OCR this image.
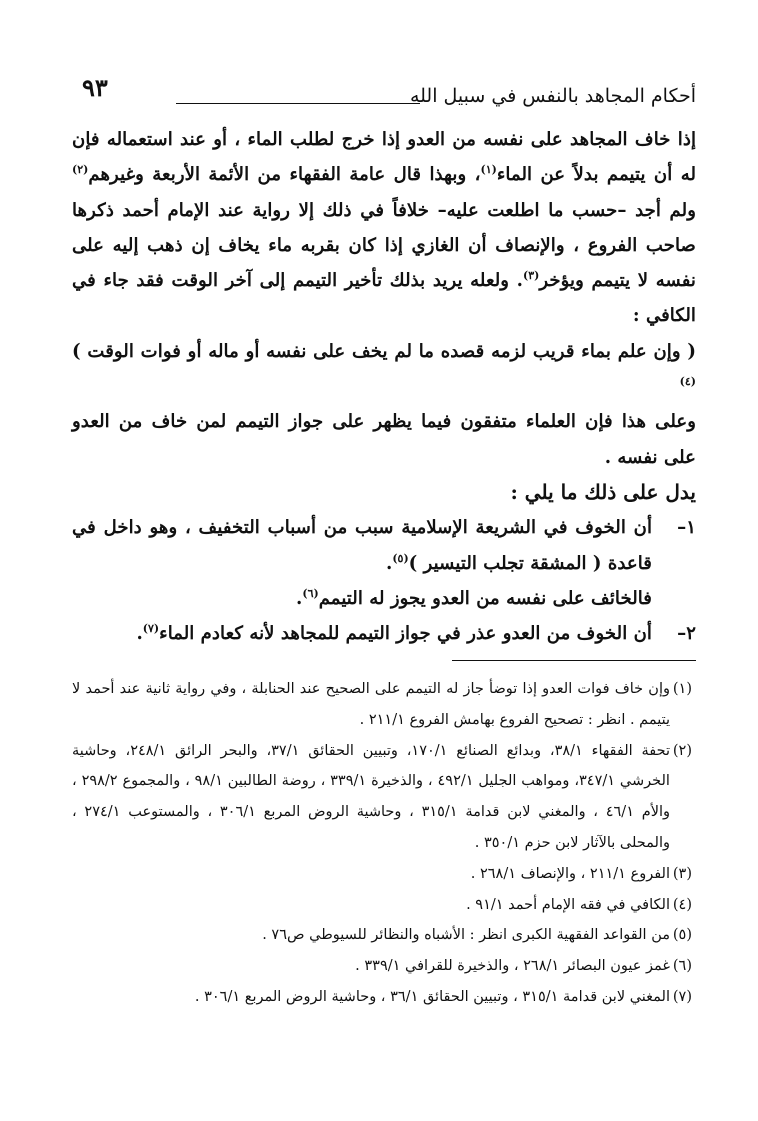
أحكام المجاهد بالنفس في سبيل الله
٩٣

إذا خاف المجاهد على نفسه من العدو إذا خرج لطلب الماء ، أو عند استعماله فإن له أن يتيمم بدلاً عن الماء$^{(١)}$، وبهذا قال عامة الفقهاء من الأئمة الأربعة وغيرهم$^{(٢)}$ ولم أجد –حسب ما اطلعت عليه– خلافاً في ذلك إلا رواية عند الإمام أحمد ذكرها صاحب الفروع ، والإنصاف أن الغازي إذا كان بقربه ماء يخاف إن ذهب إليه على نفسه لا يتيمم ويؤخر$^{(٣)}$. ولعله يريد بذلك تأخير التيمم إلى آخر الوقت فقد جاء في الكافي :

( وإن علم بماء قريب لزمه قصده ما لم يخف على نفسه أو ماله أو فوات الوقت )$^{(٤)}$

وعلى هذا فإن العلماء متفقون فيما يظهر على جواز التيمم لمن خاف من العدو على نفسه .

يدل على ذلك ما يلي :

١–
أن الخوف في الشريعة الإسلامية سبب من أسباب التخفيف ، وهو داخل في قاعدة ( المشقة تجلب التيسير )$^{(٥)}$.

فالخائف على نفسه من العدو يجوز له التيمم$^{(٦)}$.

٢–
أن الخوف من العدو عذر في جواز التيمم للمجاهد لأنه كعادم الماء$^{(٧)}$.
(١)
وإن خاف فوات العدو إذا توضأ جاز له التيمم على الصحيح عند الحنابلة ، وفي رواية ثانية عند أحمد لا يتيمم . انظر : تصحيح الفروع بهامش الفروع ٢١١/١ .
(٢)
تحفة الفقهاء ٣٨/١، وبدائع الصنائع ١٧٠/١، وتبيين الحقائق ٣٧/١، والبحر الرائق ٢٤٨/١، وحاشية الخرشي ٣٤٧/١، ومواهب الجليل ٤٩٢/١ ، والذخيرة ٣٣٩/١ ، روضة الطالبين ٩٨/١ ، والمجموع ٢٩٨/٢ ، والأم ٤٦/١ ، والمغني لابن قدامة ٣١٥/١ ، وحاشية الروض المربع ٣٠٦/١ ، والمستوعب ٢٧٤/١ ، والمحلى بالآثار لابن حزم ٣٥٠/١ .
(٣)
الفروع ٢١١/١ ، والإنصاف ٢٦٨/١ .
(٤)
الكافي في فقه الإمام أحمد ٩١/١ .
(٥)
من القواعد الفقهية الكبرى انظر : الأشباه والنظائر للسيوطي ص٧٦ .
(٦)
غمز عيون البصائر ٢٦٨/١ ، والذخيرة للقرافي ٣٣٩/١ .
(٧)
المغني لابن قدامة ٣١٥/١ ، وتبيين الحقائق ٣٦/١ ، وحاشية الروض المربع ٣٠٦/١ .
